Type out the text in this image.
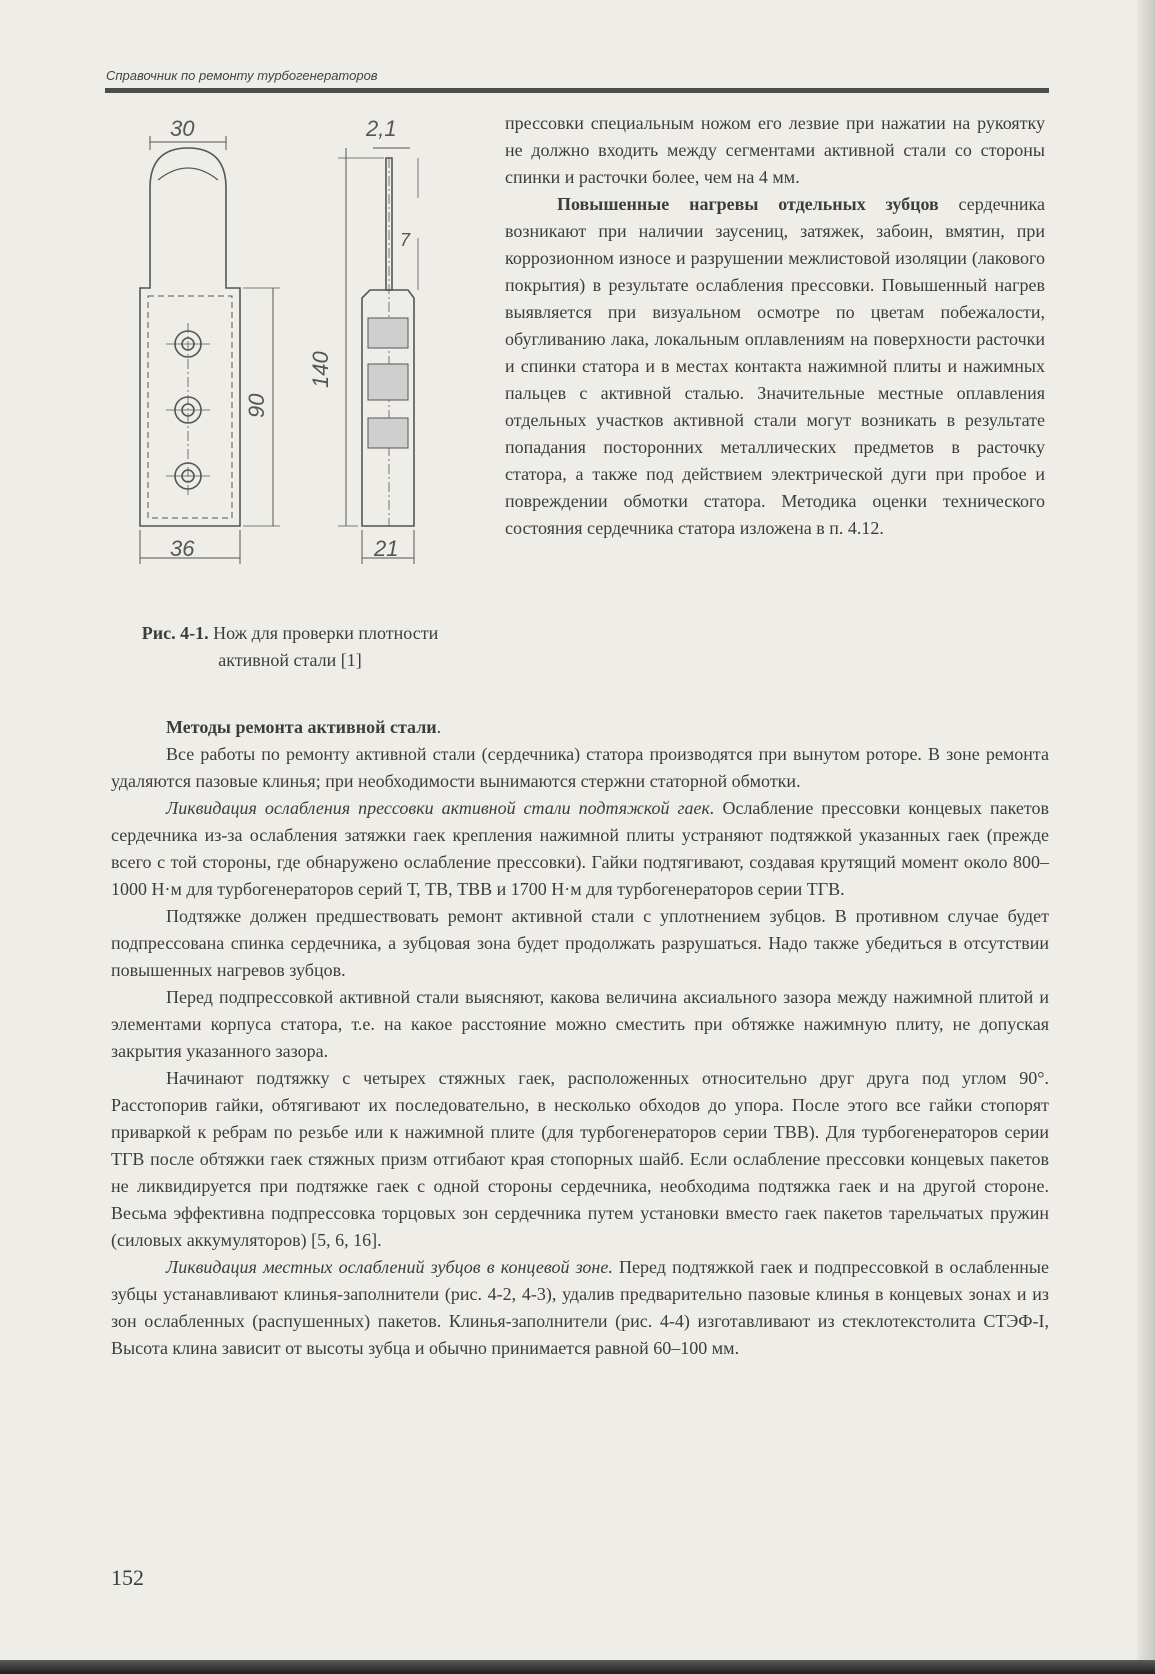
Справочник по ремонту турбогенераторов
30	2,1
7
140
90
36	21
Рис. 4-1. Нож для проверки плотности активной стали [1]

прессовки специальным ножом его лезвие при нажатии на рукоятку не должно входить между сегментами активной стали со стороны спинки и расточки более, чем на 4 мм.

Повышенные нагревы отдельных зубцов сердечника возникают при наличии заусениц, затяжек, забоин, вмятин, при коррозионном износе и разрушении межлистовой изоляции (лакового покрытия) в результате ослабления прессовки. Повышенный нагрев выявляется при визуальном осмотре по цветам побежалости, обугливанию лака, локальным оплавлениям на поверхности расточки и спинки статора и в местах контакта нажимной плиты и нажимных пальцев с активной сталью. Значительные местные оплавления отдельных участков активной стали могут возникать в результате попадания посторонних металлических предметов в расточку статора, а также под действием электрической дуги при пробое и повреждении обмотки статора. Методика оценки технического состояния сердечника статора изложена в п. 4.12.

Методы ремонта активной стали.

Все работы по ремонту активной стали (сердечника) статора производятся при вынутом роторе. В зоне ремонта удаляются пазовые клинья; при необходимости вынимаются стержни статорной обмотки.

Ликвидация ослабления прессовки активной стали подтяжкой гаек. Ослабление прессовки концевых пакетов сердечника из-за ослабления затяжки гаек крепления нажимной плиты устраняют подтяжкой указанных гаек (прежде всего с той стороны, где обнаружено ослабление прессовки). Гайки подтягивают, создавая крутящий момент около 800–1000 Н·м для турбогенераторов серий Т, ТВ, ТВВ и 1700 Н·м для турбогенераторов серии ТГВ.

Подтяжке должен предшествовать ремонт активной стали с уплотнением зубцов. В противном случае будет подпрессована спинка сердечника, а зубцовая зона будет продолжать разрушаться. Надо также убедиться в отсутствии повышенных нагревов зубцов.

Перед подпрессовкой активной стали выясняют, какова величина аксиального зазора между нажимной плитой и элементами корпуса статора, т.е. на какое расстояние можно сместить при обтяжке нажимную плиту, не допуская закрытия указанного зазора.

Начинают подтяжку с четырех стяжных гаек, расположенных относительно друг друга под углом 90°. Расстопорив гайки, обтягивают их последовательно, в несколько обходов до упора. После этого все гайки стопорят приваркой к ребрам по резьбе или к нажимной плите (для турбогенераторов серии ТВВ). Для турбогенераторов серии ТГВ после обтяжки гаек стяжных призм отгибают края стопорных шайб. Если ослабление прессовки концевых пакетов не ликвидируется при подтяжке гаек с одной стороны сердечника, необходима подтяжка гаек и на другой стороне. Весьма эффективна подпрессовка торцовых зон сердечника путем установки вместо гаек пакетов тарельчатых пружин (силовых аккумуляторов) [5, 6, 16].

Ликвидация местных ослаблений зубцов в концевой зоне. Перед подтяжкой гаек и подпрессовкой в ослабленные зубцы устанавливают клинья-заполнители (рис. 4-2, 4-3), удалив предварительно пазовые клинья в концевых зонах и из зон ослабленных (распушенных) пакетов. Клинья-заполнители (рис. 4-4) изготавливают из стеклотекстолита СТЭФ-I, Высота клина зависит от высоты зубца и обычно принимается равной 60–100 мм.

152
